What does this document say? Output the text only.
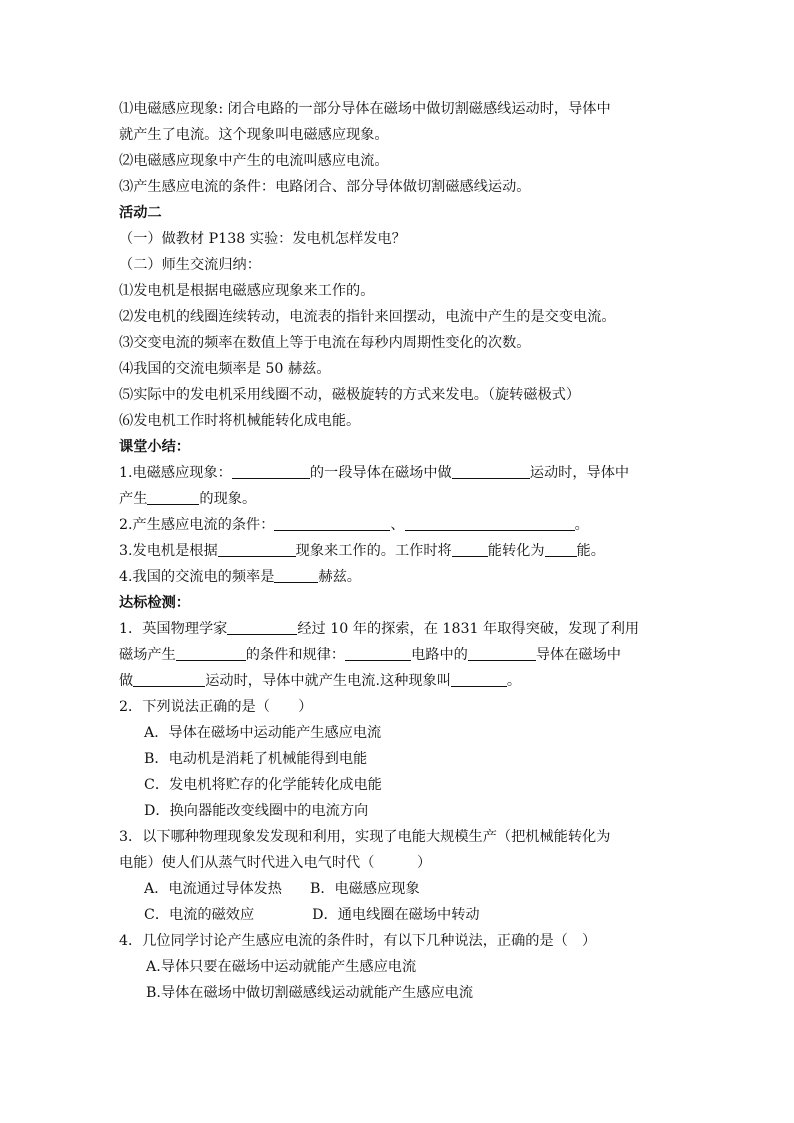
⑴电磁感应现象: 闭合电路的一部分导体在磁场中做切割磁感线运动时，导体中
就产生了电流。这个现象叫电磁感应现象。
⑵电磁感应现象中产生的电流叫感应电流。
⑶产生感应电流的条件：电路闭合、部分导体做切割磁感线运动。
活动二
（一）做教材 P138 实验：发电机怎样发电？
（二）师生交流归纳：
⑴发电机是根据电磁感应现象来工作的。
⑵发电机的线圈连续转动，电流表的指针来回摆动，电流中产生的是交变电流。
⑶交变电流的频率在数值上等于电流在每秒内周期性变化的次数。
⑷我国的交流电频率是 50 赫兹。
⑸实际中的发电机采用线圈不动，磁极旋转的方式来发电。（旋转磁极式）
⑹发电机工作时将机械能转化成电能。
课堂小结：
1.电磁感应现象：	的一段导体在磁场中做	运动时，导体中
产生	的现象。
2.产生感应电流的条件：	、	。
3.发电机是根据	现象来工作的。工作时将	能转化为 能。
4.我国的交流电的频率是	赫兹。
达标检测：
1．英国物理学家	经过 10 年的探索，在 1831 年取得突破，发现了利用
磁场产生	的条件和规律：	电路中的	导体在磁场中
做	运动时，导体中就产生电流.这种现象叫	。
2．下列说法正确的是（　　）
A．导体在磁场中运动能产生感应电流
B．电动机是消耗了机械能得到电能
C．发电机将贮存的化学能转化成电能
D．换向器能改变线圈中的电流方向
3．以下哪种物理现象发发现和利用，实现了电能大规模生产（把机械能转化为
电能）使人们从蒸气时代进入电气时代（　　　）
A．电流通过导体发热 B．电磁感应现象
C．电流的磁效应	D．通电线圈在磁场中转动
4．几位同学讨论产生感应电流的条件时，有以下几种说法，正确的是（　）
A.导体只要在磁场中运动就能产生感应电流
B.导体在磁场中做切割磁感线运动就能产生感应电流
